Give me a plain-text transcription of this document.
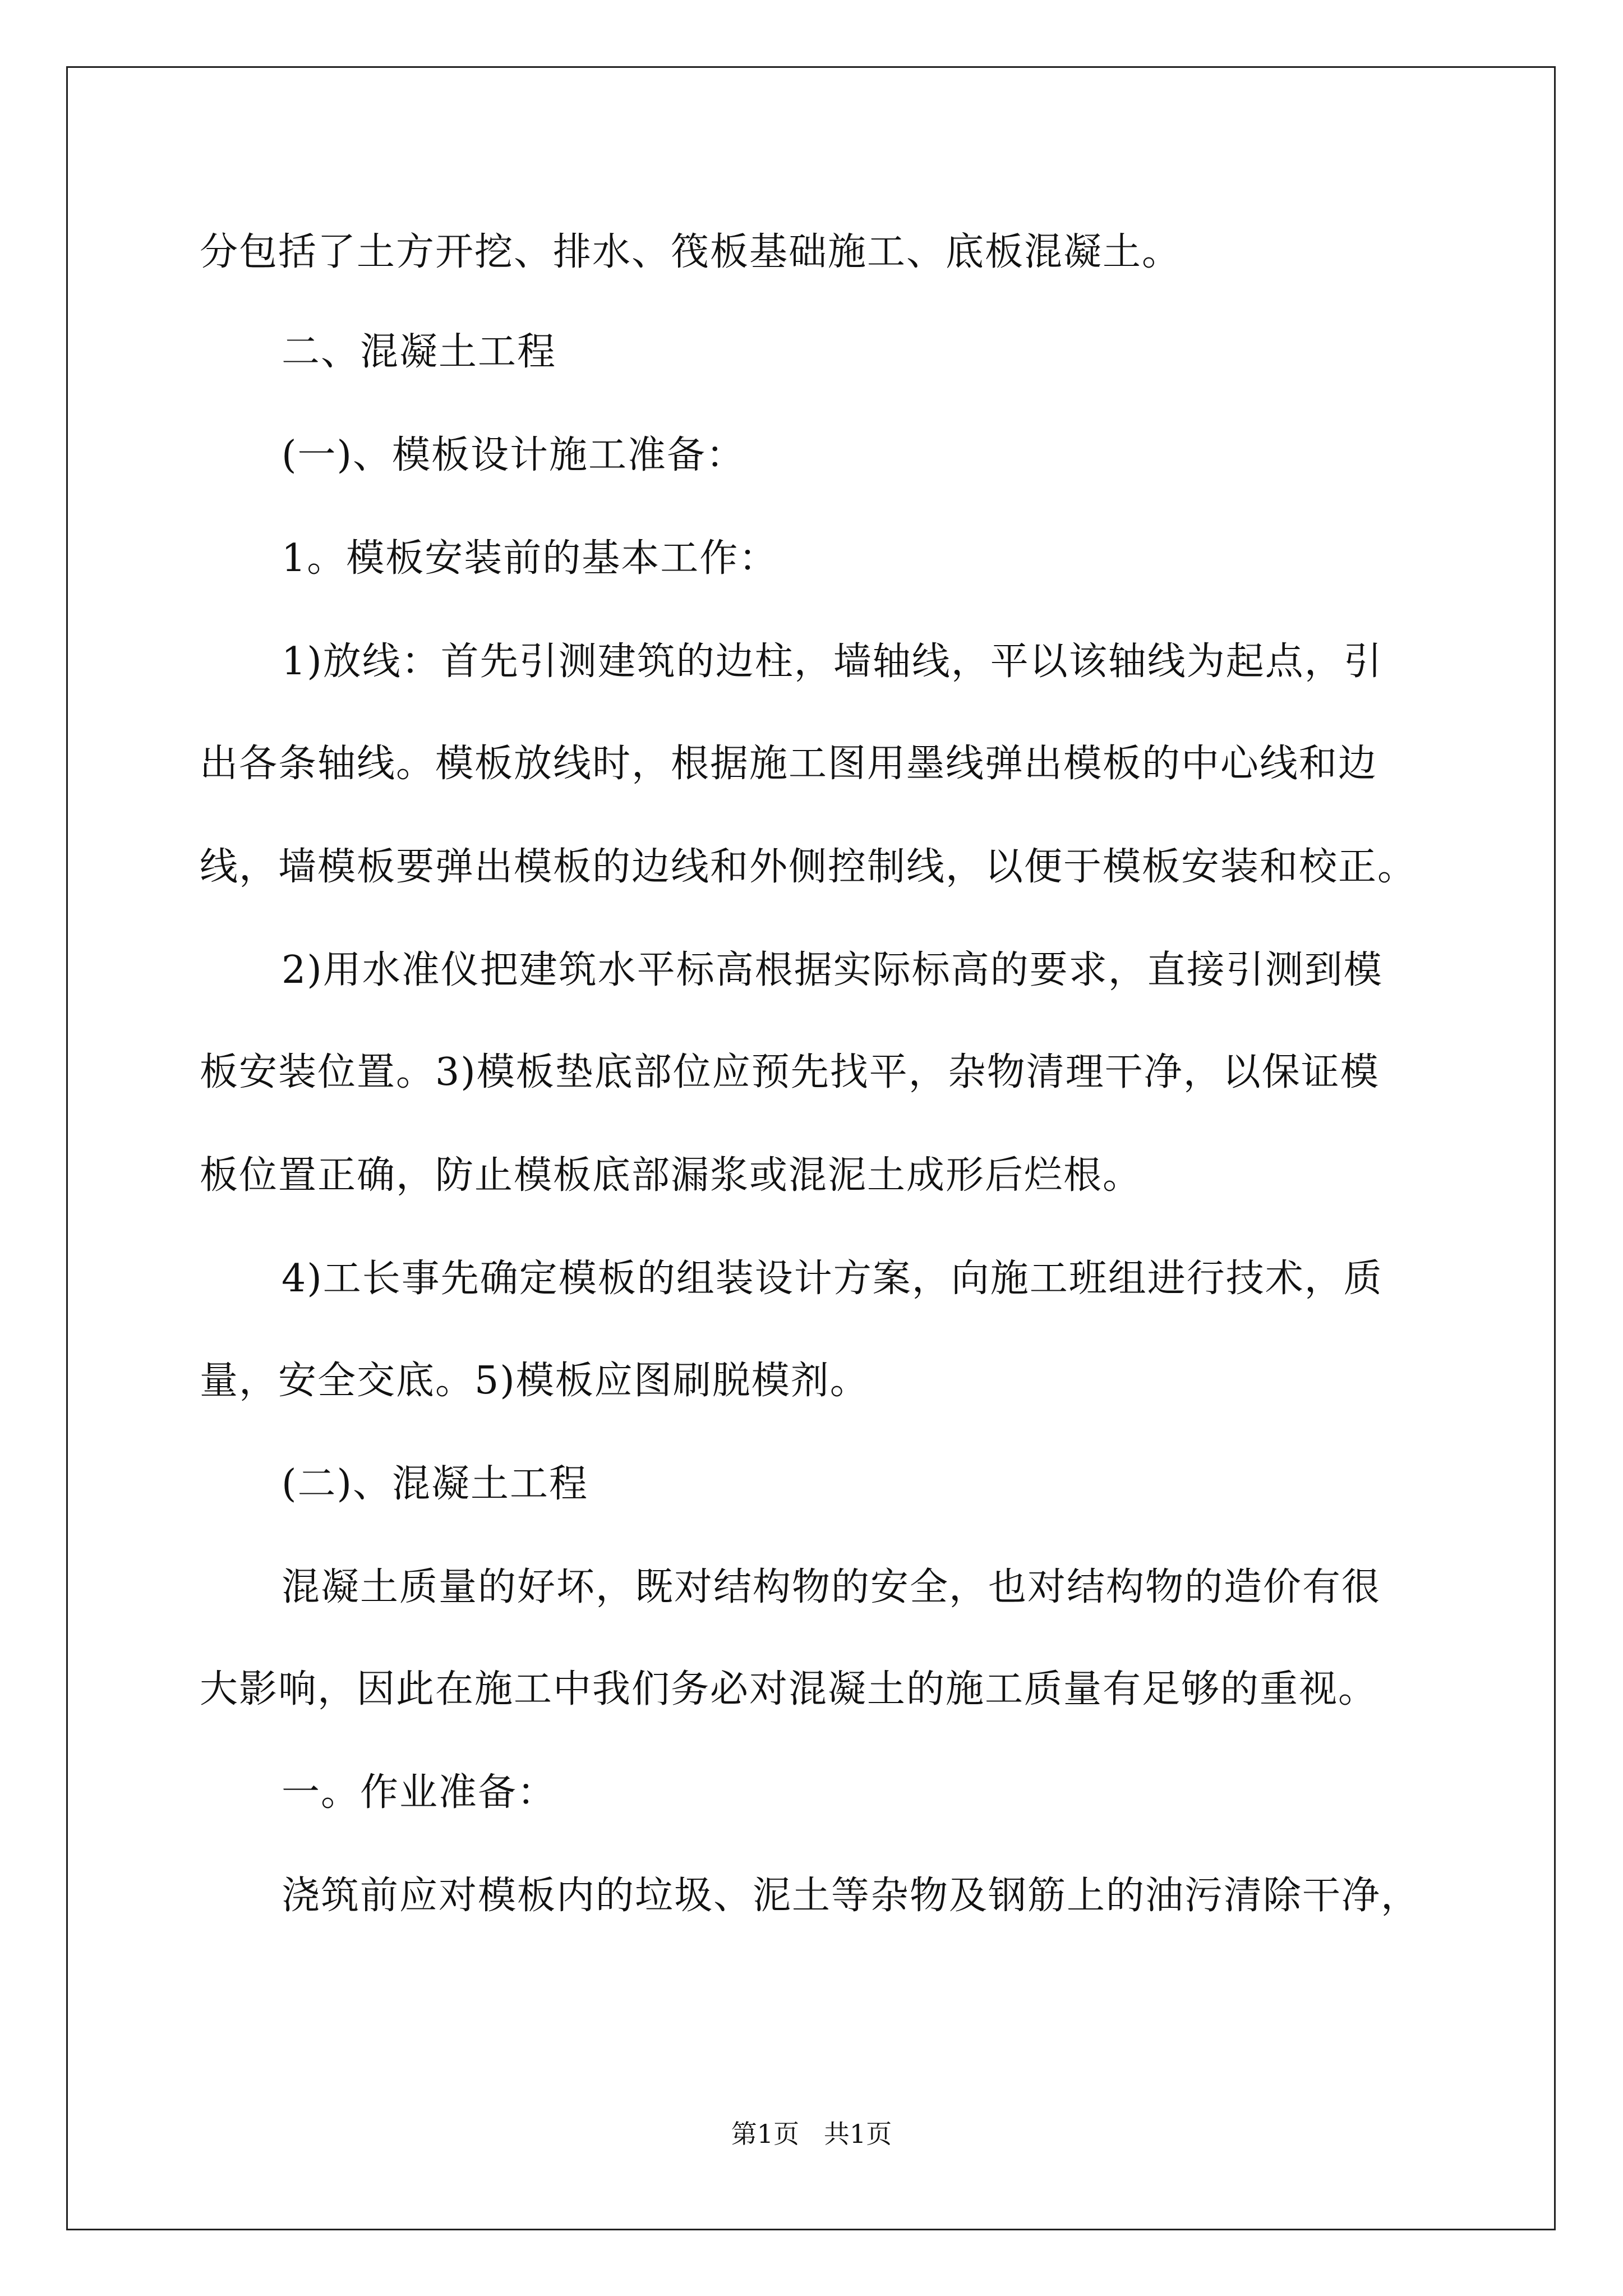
分包括了土方开挖、排水、筏板基础施工、底板混凝土。
二、混凝土工程
(一)、模板设计施工准备：
1。模板安装前的基本工作：
1)放线：首先引测建筑的边柱，墙轴线，平以该轴线为起点，引
出各条轴线。模板放线时，根据施工图用墨线弹出模板的中心线和边
线，墙模板要弹出模板的边线和外侧控制线，以便于模板安装和校正。
2)用水准仪把建筑水平标高根据实际标高的要求，直接引测到模
板安装位置。3)模板垫底部位应预先找平，杂物清理干净，以保证模
板位置正确，防止模板底部漏浆或混泥土成形后烂根。
4)工长事先确定模板的组装设计方案，向施工班组进行技术，质
量，安全交底。5)模板应图刷脱模剂。
(二)、混凝土工程
混凝土质量的好坏，既对结构物的安全，也对结构物的造价有很
大影响，因此在施工中我们务必对混凝土的施工质量有足够的重视。
一。作业准备：
浇筑前应对模板内的垃圾、泥土等杂物及钢筋上的油污清除干净，
第1页   共1页
